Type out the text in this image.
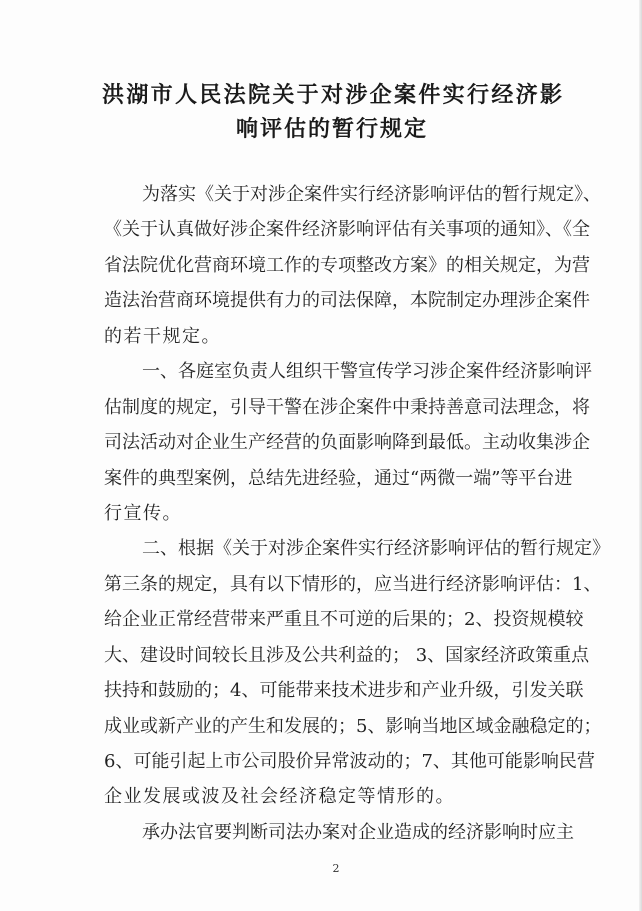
洪湖市人民法院关于对涉企案件实行经济影
响评估的暂行规定
为落实《关于对涉企案件实行经济影响评估的暂行规定》、
《关于认真做好涉企案件经济影响评估有关事项的通知》、《全
省法院优化营商环境工作的专项整改方案》的相关规定，为营
造法治营商环境提供有力的司法保障，本院制定办理涉企案件
的若干规定。
一、各庭室负责人组织干警宣传学习涉企案件经济影响评
估制度的规定，引导干警在涉企案件中秉持善意司法理念，将
司法活动对企业生产经营的负面影响降到最低。主动收集涉企
案件的典型案例，总结先进经验，通过“两微一端”等平台进
行宣传。
二、根据《关于对涉企案件实行经济影响评估的暂行规定》
第三条的规定，具有以下情形的，应当进行经济影响评估：1、
给企业正常经营带来严重且不可逆的后果的；2、投资规模较
大、建设时间较长且涉及公共利益的； 3、国家经济政策重点
扶持和鼓励的；4、可能带来技术进步和产业升级，引发关联
成业或新产业的产生和发展的；5、影响当地区域金融稳定的；
6、可能引起上市公司股价异常波动的；7、其他可能影响民营
企业发展或波及社会经济稳定等情形的。
承办法官要判断司法办案对企业造成的经济影响时应主
2
